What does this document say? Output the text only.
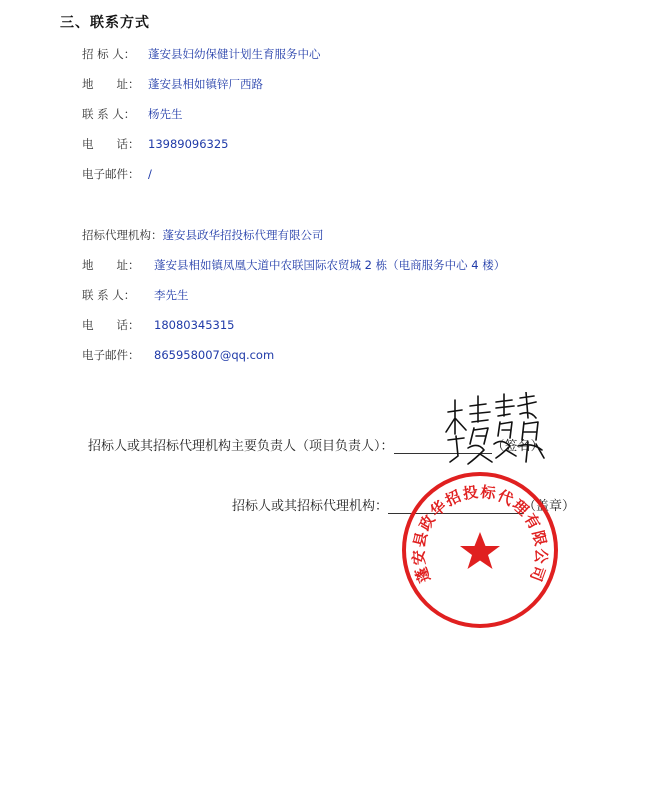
三、联系方式
招 标 人： 蓬安县妇幼保健计划生育服务中心
地　　址： 蓬安县相如镇锌厂西路
联 系 人： 杨先生
电　　话： 13989096325
电子邮件： /
招标代理机构：蓬安县政华招投标代理有限公司
地　　址： 蓬安县相如镇凤凰大道中农联国际农贸城 2 栋（电商服务中心 4 楼）
联 系 人： 李先生
电　　话： 18080345315
电子邮件： 865958007@qq.com
招标人或其招标代理机构主要负责人（项目负责人）：	（签名）
招标人或其招标代理机构：	（盖章）
蓬安县政华招投标代理有限公司
